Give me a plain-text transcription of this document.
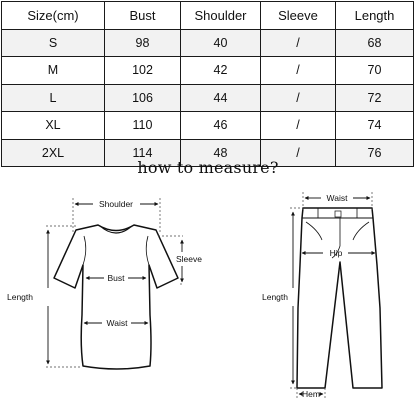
Size(cm)	Bust	Shoulder	Sleeve	Length
S	98	40	/	68
M	102	42	/	70
L	106	44	/	72
XL	110	46	/	74
2XL	114	48	/	76
how to measure?
Shoulder
Bust
Sleeve
Length
Waist
Waist
Hip
Length
Hem
